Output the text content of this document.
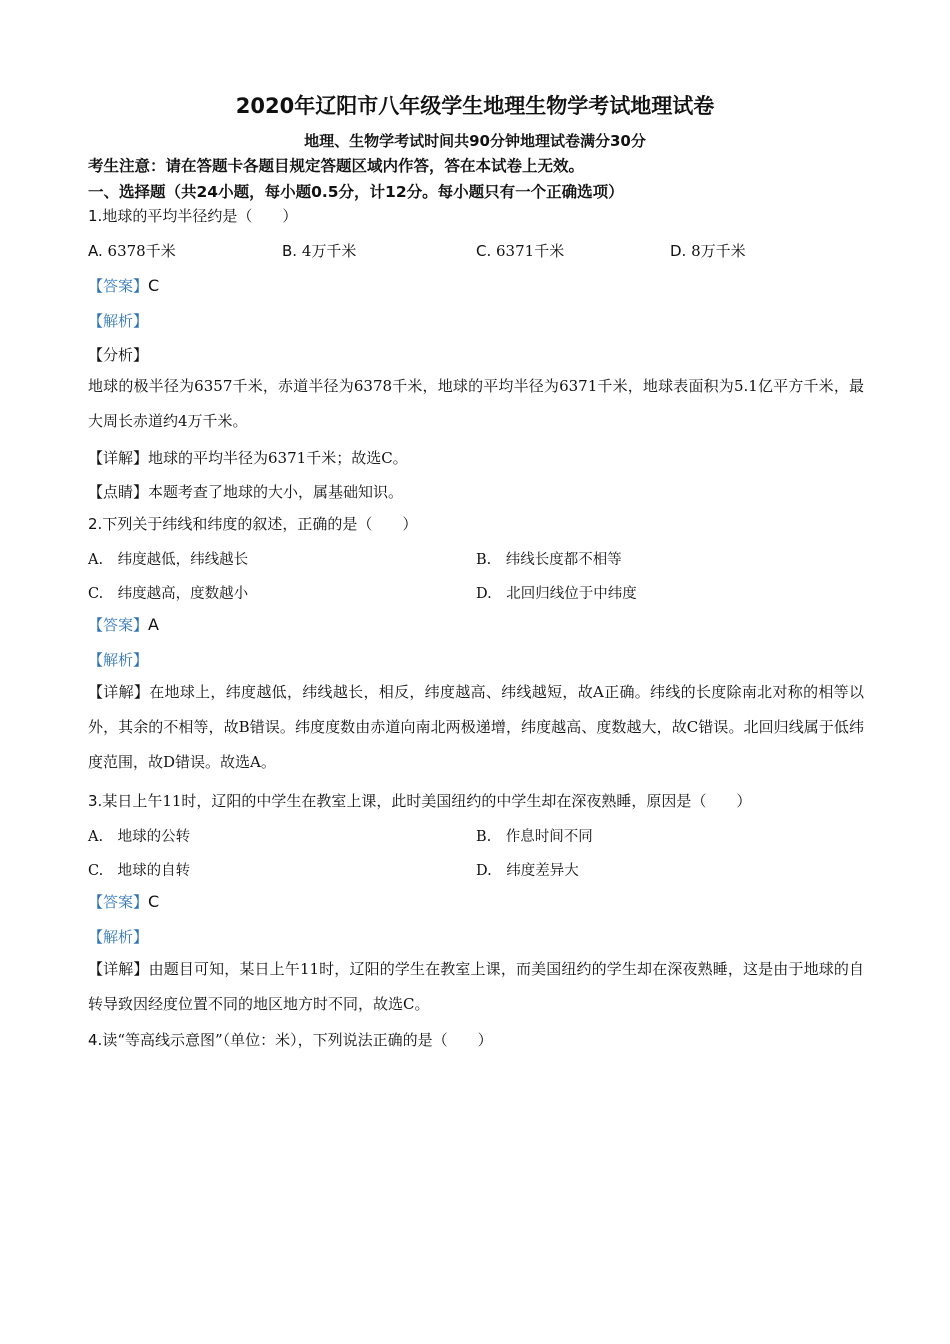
2020年辽阳市八年级学生地理生物学考试地理试卷
地理、生物学考试时间共90分钟地理试卷满分30分
考生注意：请在答题卡各题目规定答题区域内作答，答在本试卷上无效。
一、选择题（共24小题，每小题0.5分，计12分。每小题只有一个正确选项）
1.地球的平均半径约是（　　）
A. 6378千米	B. 4万千米	C. 6371千米	D. 8万千米
【答案】C
【解析】
【分析】
地球的极半径为6357千米，赤道半径为6378千米，地球的平均半径为6371千米，地球表面积为5.1亿平方千米，最大周长赤道约4万千米。
【详解】地球的平均半径为6371千米；故选C。
【点睛】本题考查了地球的大小，属基础知识。
2.下列关于纬线和纬度的叙述，正确的是（　　）
A.　纬度越低，纬线越长	B.　纬线长度都不相等
C.　纬度越高，度数越小	D.　北回归线位于中纬度
【答案】A
【解析】
【详解】在地球上，纬度越低，纬线越长，相反，纬度越高、纬线越短，故A正确。纬线的长度除南北对称的相等以外，其余的不相等，故B错误。纬度度数由赤道向南北两极递增，纬度越高、度数越大，故C错误。北回归线属于低纬度范围，故D错误。故选A。
3.某日上午11时，辽阳的中学生在教室上课，此时美国纽约的中学生却在深夜熟睡，原因是（　　）
A.　地球的公转	B.　作息时间不同
C.　地球的自转	D.　纬度差异大
【答案】C
【解析】
【详解】由题目可知，某日上午11时，辽阳的学生在教室上课，而美国纽约的学生却在深夜熟睡，这是由于地球的自转导致因经度位置不同的地区地方时不同，故选C。
4.读“等高线示意图”（单位：米），下列说法正确的是（　　）
